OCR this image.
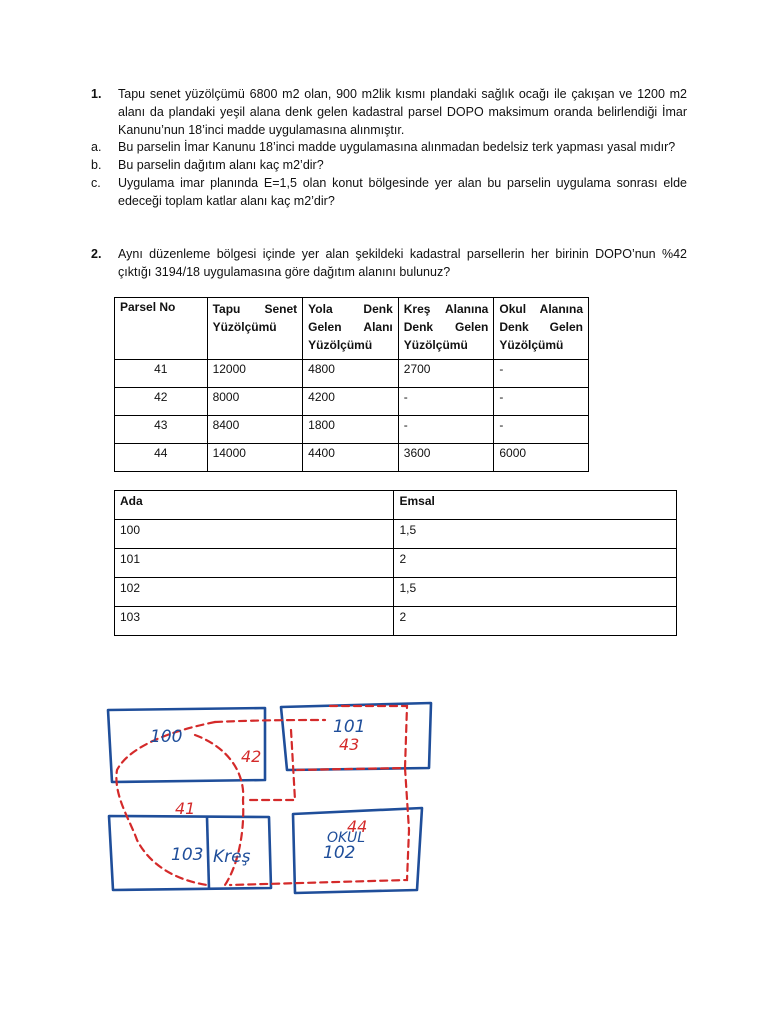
1. Tapu senet yüzölçümü 6800 m2 olan, 900 m2lik kısmı plandaki sağlık ocağı ile çakışan ve 1200 m2 alanı da plandaki yeşil alana denk gelen kadastral parsel DOPO maksimum oranda belirlendiği İmar Kanunu’nun 18’inci madde uygulamasına alınmıştır.
a. Bu parselin İmar Kanunu 18’inci madde uygulamasına alınmadan bedelsiz terk yapması yasal mıdır?
b. Bu parselin dağıtım alanı kaç m2’dir?
c. Uygulama imar planında E=1,5 olan konut bölgesinde yer alan bu parselin uygulama sonrası elde edeceği toplam katlar alanı kaç m2’dir?
2. Aynı düzenleme bölgesi içinde yer alan şekildeki kadastral parsellerin her birinin DOPO’nun %42 çıktığı 3194/18 uygulamasına göre dağıtım alanını bulunuz?
Parsel No	Tapu Senet Yüzölçümü	Yola Denk Gelen Alanı Yüzölçümü	Kreş Alanına Denk Gelen Yüzölçümü	Okul Alanına Denk Gelen Yüzölçümü
41	12000	4800	2700	-
42	8000	4200	-	-
43	8400	1800	-	-
44	14000	4400	3600	6000
Ada	Emsal
100	1,5
101	2
102	1,5
103	2
100	101
103 Kreş
OKUL
102
42
43
41
44
